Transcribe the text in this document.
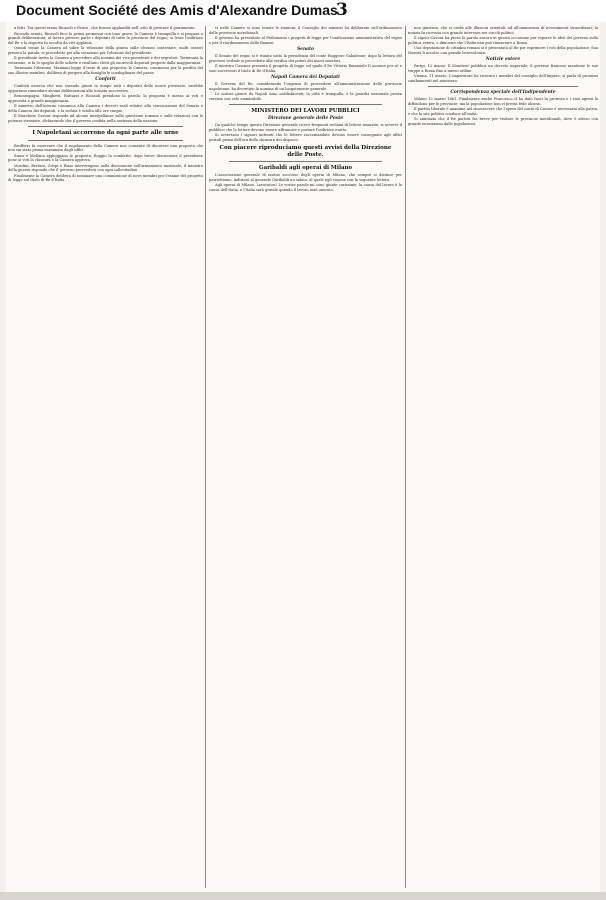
Document Société des Amis d'Alexandre Dumas
3

a fatti. Tra questi erano Ricasoli e Farini , che furono applauditi nell' atto di prestare il giuramento.

Facendo avanti, Ricasoli fece la prima promessa con tono grave; la Camera è tranquilla e si prepara a grandi deliberazioni; al lavoro presero parte i deputati di tutte le provincie del regno; si lesse l'indirizzo del Re e la risposta fu accolta da vivi applausi.

Quindi venne la Camera ad udire la relazione della giunta sulle elezioni contestate; molti oratori presero la parola; si procedette poi alla votazione per l'elezione del presidente.

Il presidente invita la Camera a procedere alla nomina dei vice-presidenti e dei segretari. Terminata la votazione, si fa lo spoglio delle schede e risultano eletti gli onorevoli deputati proposti dalla maggioranza.

Terminata l'elezione, Mamiani legge il testo di una proposta: la Camera, commossa per la perdita del suo illustre membro, delibera di porgere alla famiglia le condoglianze del paese.

Conforti

Conforti osserva che non essendo giunti in tempo tutti i deputati delle nuove provincie, sarebbe opportuno rimandare alcune deliberazioni alla tornata successiva.

Boncompagni, Minghetti, Rattazzi e Ricasoli prendono la parola; la proposta è messa ai voti e approvata a grande maggioranza.

Il ministro dell'interno comunica alla Camera i decreti reali relativi alla convocazione del Senato e della Camera dei deputati, e la seduta è sciolta alle ore cinque.

Il Marchese Cavour risponde ad alcune interpellanze sulla questione romana e sulle relazioni con le potenze straniere, dichiarando che il governo confida nella saviezza della nazione.

I Napoletani accorrono da ogni parte alle urne

Brofferio fa osservare che il regolamento della Camera non consente di discutere una proposta che non sia stata prima esaminata dagli uffici.

Sineo e Mellana appoggiano la proposta; Boggio la combatte; dopo breve discussione il presidente pone ai voti la chiusura e la Camera approva.

Mordini, Bertani, Crispi e Bixio intervengono nella discussione sull'armamento nazionale; il ministro della guerra risponde che il governo provvederà con ogni sollecitudine.

Finalmente la Camera delibera di nominare una commissione di nove membri per l'esame del progetto di legge sul titolo di Re d'Italia.

vi nelle Camere si sono tenute le riunioni; il Consiglio dei ministri ha deliberato sull'ordinamento delle provincie meridionali.

Il governo ha presentato al Parlamento i progetti di legge per l'unificazione amministrativa del regno e per il riordinamento delle finanze.

Senato

Il Senato del regno si è riunito sotto la presidenza del conte Ruggiero Gabaleone; dopo la lettura del processo verbale si procedette alla verifica dei poteri dei nuovi senatori.

Il ministro Cassinis presenta il progetto di legge col quale il Re Vittorio Emanuele II assume per sè e suoi successori il titolo di Re d'Italia.

Napoli Camera dei Deputati

Il Governo del Re, considerando l'urgenza di provvedere all'amministrazione delle provincie napoletane, ha decretato la nomina di un luogotenente generale.

Le notizie giunte da Napoli sono soddisfacenti; la città è tranquilla, e la guardia nazionale presta servizio con zelo ammirabile.

MINISTERO DEI LAVORI PUBBLICI
Direzione generale delle Poste

Da qualche tempo questa Direzione generale riceve frequenti reclami di lettere smarrite; si avverte il pubblico che le lettere devono essere affrancate e portare l'indirizzo esatto.

Si avvertono i signori mittenti che le lettere raccomandate devono essere consegnate agli uffici postali prima dell'ora della chiusura dei dispacci.

Con piacere riproduciamo questi avvisi della Direzione delle Poste.
Garibaldi agli operai di Milano

L'associazione generale di mutuo soccorso degli operai di Milano, che sempre si distinse per patriottismo, indirizzò al generale Garibaldi un saluto, al quale egli rispose con la seguente lettera.

Agli operai di Milano. Lavoratori! Le vostre parole mi sono giunte carissime; la causa del lavoro è la causa dell'Italia, e l'Italia sarà grande quando il lavoro sarà onorato.

non giustizia, che si crede alle illusioni orientali, ad all'imminenza di avvenimenti straordinari; la notizia fu ricevuta con grande interesse nei circoli politici.

Il signor Cavour ha preso la parola ancora in questa occasione per esporre le idee del governo sulla politica estera, e dimostrò che l'Italia non può rinunciare a Roma.

Una deputazione di cittadini romani si è presentata al Re per esprimere i voti della popolazione; Sua Maestà li accolse con grande benevolenza.

Notizie estere

Parigi, 12 marzo. Il Moniteur pubblica un decreto imperiale; il governo francese mantiene le sue truppe a Roma fino a nuovo ordine.

Vienna, 11 marzo. L'imperatore ha ricevuto i membri del consiglio dell'impero; si parla di prossimi cambiamenti nel ministero.

Corrispondenza speciale dell'Indipendente

Milano 12 marzo 1861. Finalmente anche Francesco II ha dato fuori la protesta e i suoi agenti la diffondono per le provincie; ma la popolazione non vi presta fede alcuna.

Il partito liberale è unanime nel riconoscere che l'opera del conte di Cavour è necessaria alla patria, e che la sua politica conduce all'unità.

Si annunzia che il Re partirà fra breve per visitare le provincie meridionali, dove è atteso con grande entusiasmo dalle popolazioni.
